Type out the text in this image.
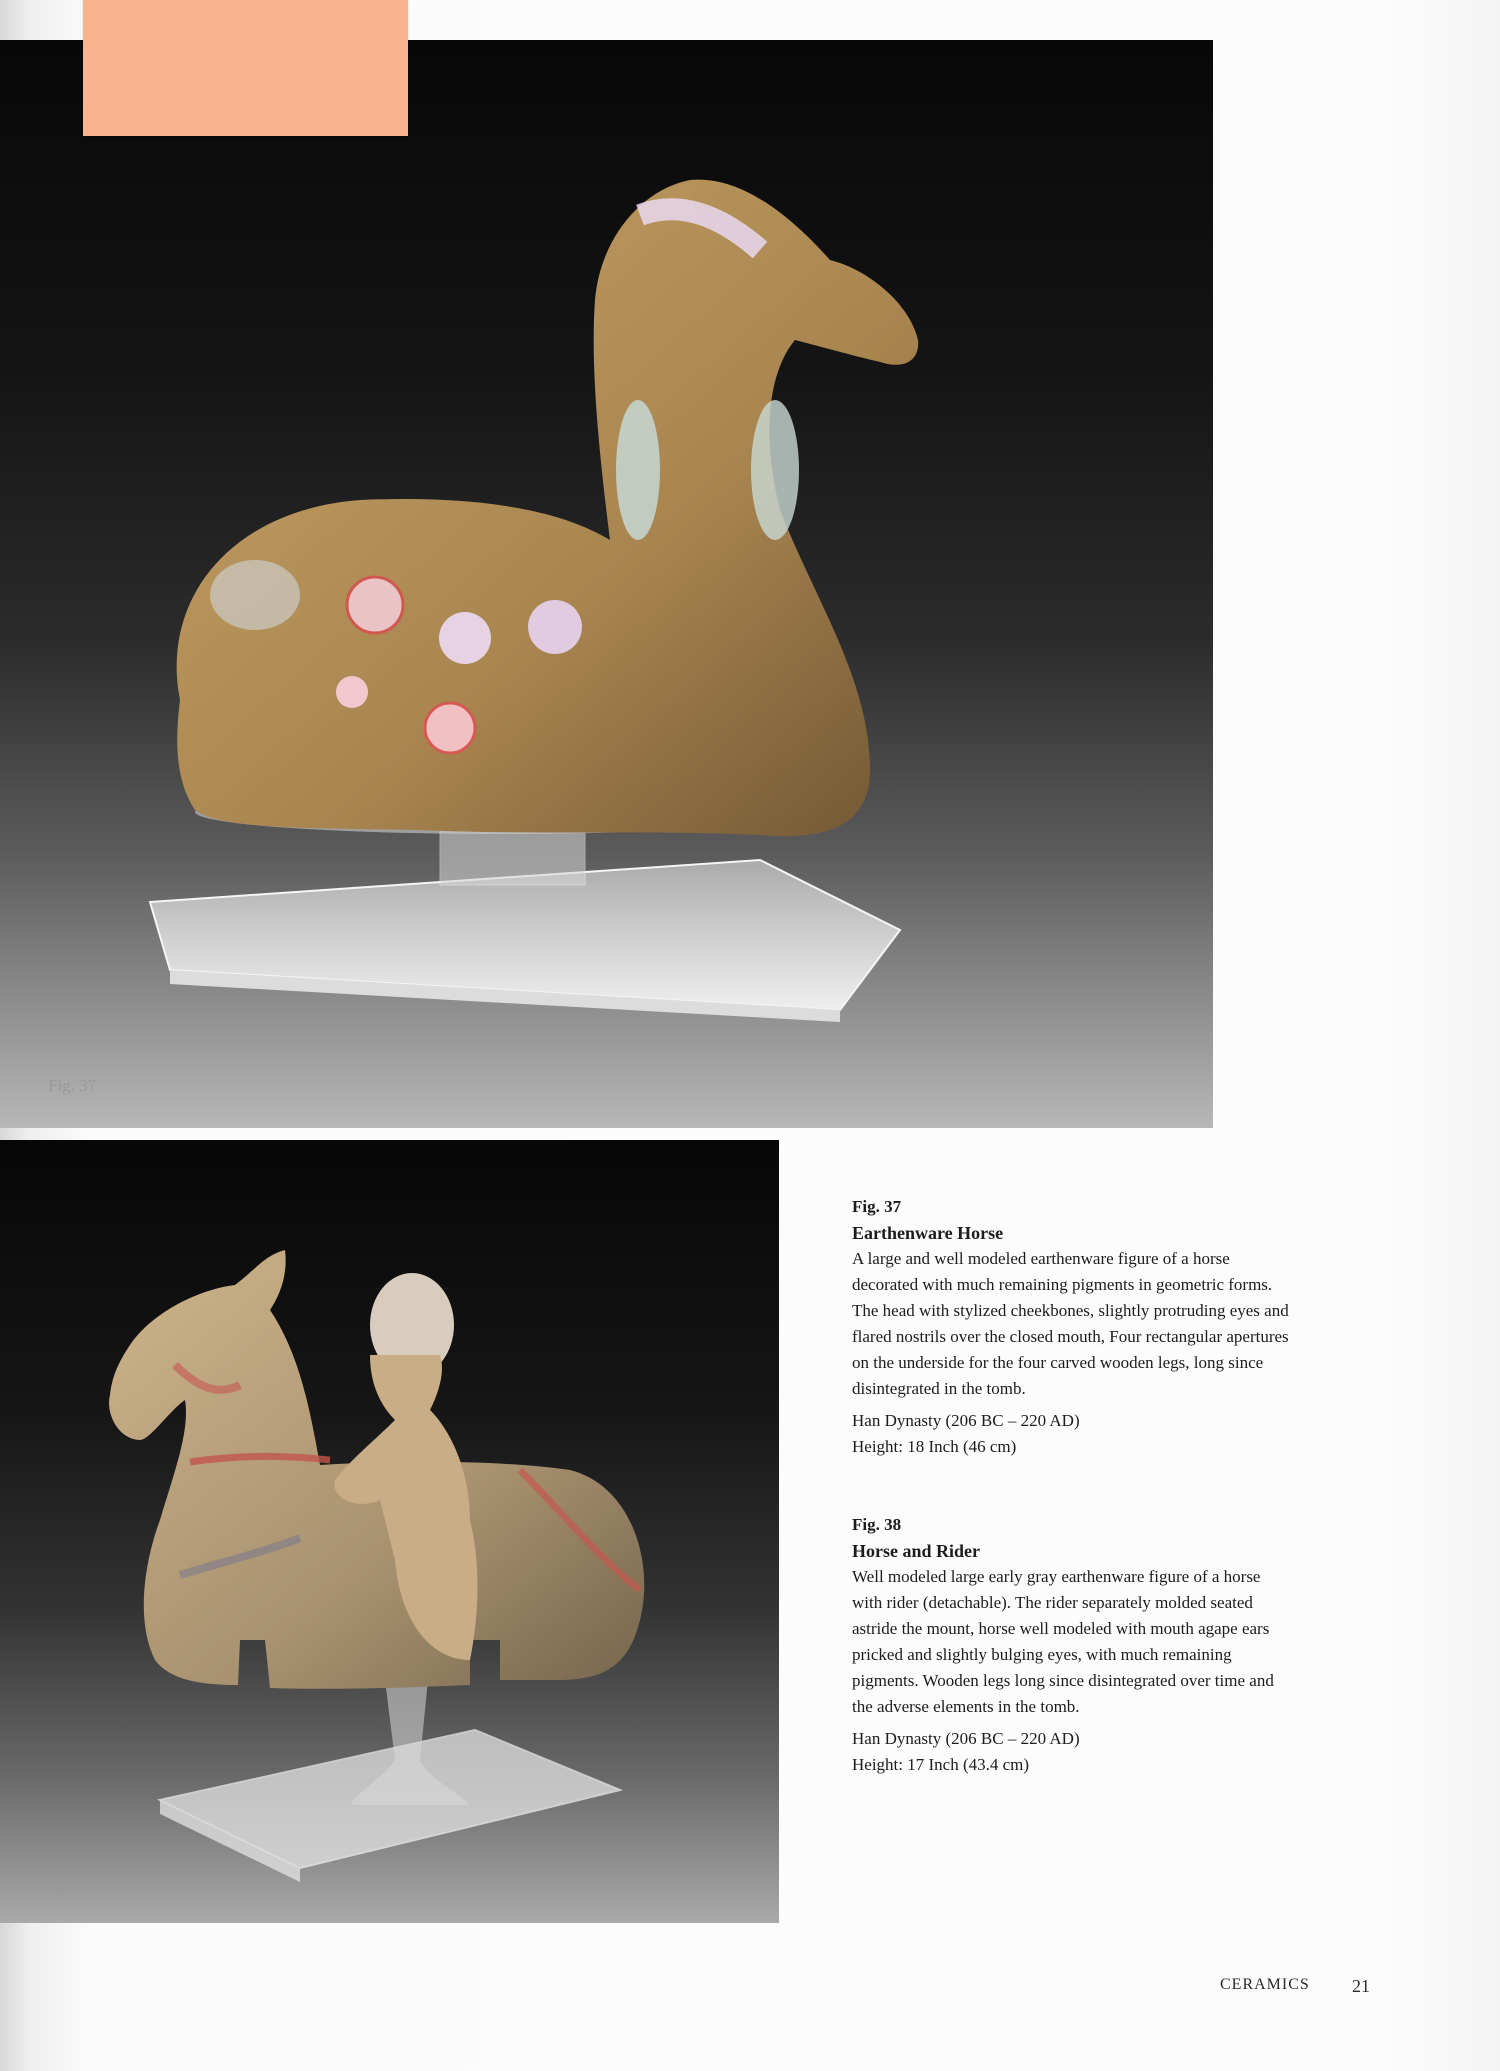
Fig. 37
Fig. 38

Fig. 37

Earthenware Horse

A large and well modeled earthenware figure of a horse decorated with much remaining pigments in geometric forms. The head with stylized cheekbones, slightly protruding eyes and flared nostrils over the closed mouth, Four rectangular apertures on the underside for the four carved wooden legs, long since disintegrated in the tomb.

Han Dynasty (206 BC – 220 AD)

Height: 18 Inch (46 cm)

Fig. 38

Horse and Rider

Well modeled large early gray earthenware figure of a horse with rider (detachable). The rider separately molded seated astride the mount, horse well modeled with mouth agape ears pricked and slightly bulging eyes, with much remaining pigments. Wooden legs long since disintegrated over time and the adverse elements in the tomb.

Han Dynasty (206 BC – 220 AD)

Height: 17 Inch (43.4 cm)

CERAMICS 21
